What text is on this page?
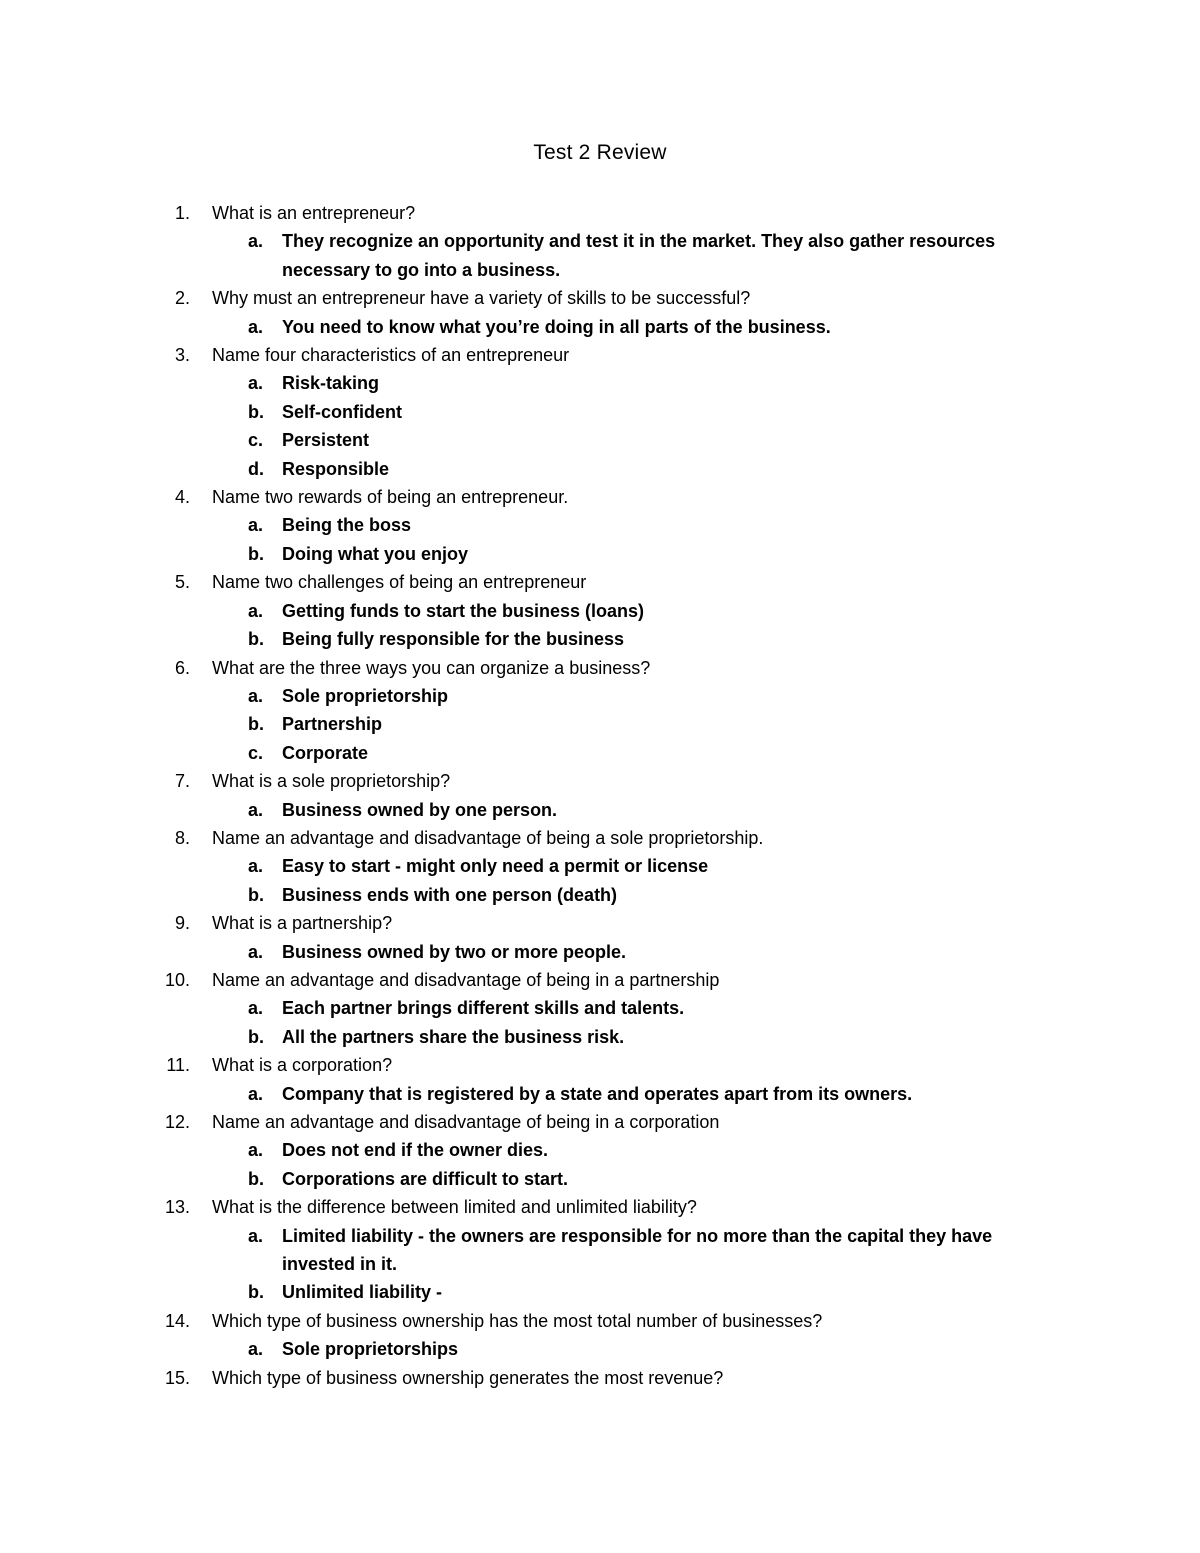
Test 2 Review
1. What is an entrepreneur?
a. They recognize an opportunity and test it in the market. They also gather resources necessary to go into a business.
2. Why must an entrepreneur have a variety of skills to be successful?
a. You need to know what you’re doing in all parts of the business.
3. Name four characteristics of an entrepreneur
a. Risk-taking
b. Self-confident
c. Persistent
d. Responsible
4. Name two rewards of being an entrepreneur.
a. Being the boss
b. Doing what you enjoy
5. Name two challenges of being an entrepreneur
a. Getting funds to start the business (loans)
b. Being fully responsible for the business
6. What are the three ways you can organize a business?
a. Sole proprietorship
b. Partnership
c. Corporate
7. What is a sole proprietorship?
a. Business owned by one person.
8. Name an advantage and disadvantage of being a sole proprietorship.
a. Easy to start - might only need a permit or license
b. Business ends with one person (death)
9. What is a partnership?
a. Business owned by two or more people.
10. Name an advantage and disadvantage of being in a partnership
a. Each partner brings different skills and talents.
b. All the partners share the business risk.
11. What is a corporation?
a. Company that is registered by a state and operates apart from its owners.
12. Name an advantage and disadvantage of being in a corporation
a. Does not end if the owner dies.
b. Corporations are difficult to start.
13. What is the difference between limited and unlimited liability?
a. Limited liability - the owners are responsible for no more than the capital they have invested in it.
b. Unlimited liability -
14. Which type of business ownership has the most total number of businesses?
a. Sole proprietorships
15. Which type of business ownership generates the most revenue?
